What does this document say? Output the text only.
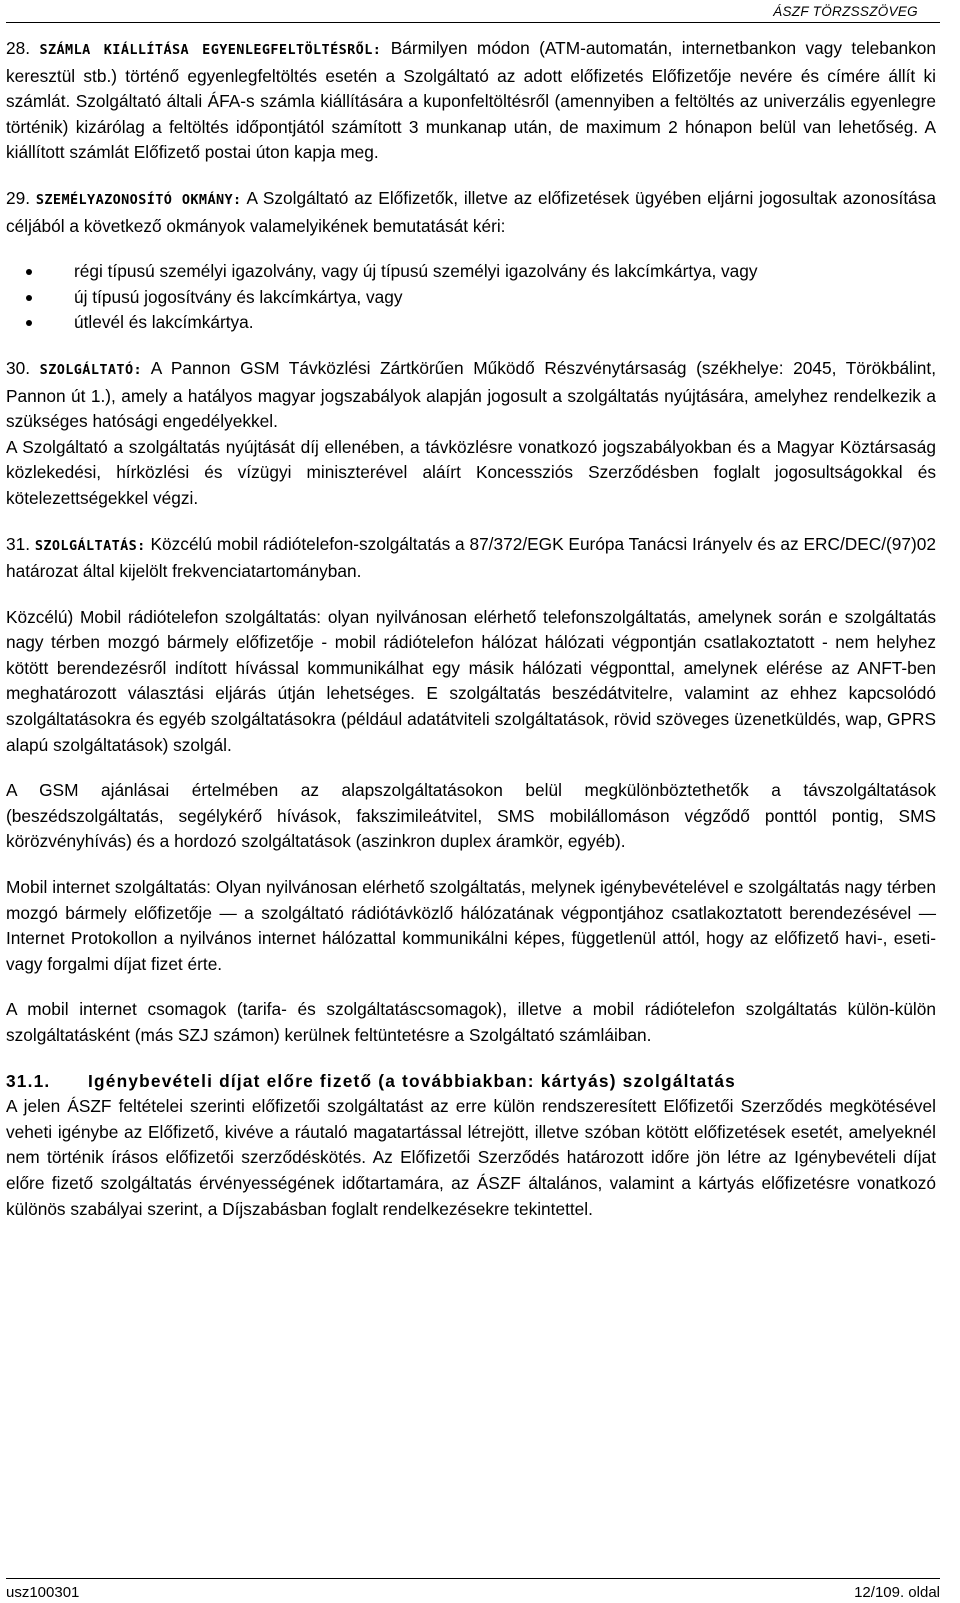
ÁSZF TÖRZSSZÖVEG

28. SZÁMLA KIÁLLÍTÁSA EGYENLEGFELTÖLTÉSRŐL: Bármilyen módon (ATM-automatán, internetbankon vagy telebankon keresztül stb.) történő egyenlegfeltöltés esetén a Szolgáltató az adott előfizetés Előfizetője nevére és címére állít ki számlát. Szolgáltató általi ÁFA-s számla kiállítására a kuponfeltöltésről (amennyiben a feltöltés az univerzális egyenlegre történik) kizárólag a feltöltés időpontjától számított 3 munkanap után, de maximum 2 hónapon belül van lehetőség. A kiállított számlát Előfizető postai úton kapja meg.

29. SZEMÉLYAZONOSÍTÓ OKMÁNY: A Szolgáltató az Előfizetők, illetve az előfizetések ügyében eljárni jogosultak azonosítása céljából a következő okmányok valamelyikének bemutatását kéri:

régi típusú személyi igazolvány, vagy új típusú személyi igazolvány és lakcímkártya, vagy
új típusú jogosítvány és lakcímkártya, vagy
útlevél és lakcímkártya.

30. SZOLGÁLTATÓ: A Pannon GSM Távközlési Zártkörűen Működő Részvénytársaság (székhelye: 2045, Törökbálint, Pannon út 1.), amely a hatályos magyar jogszabályok alapján jogosult a szolgáltatás nyújtására, amelyhez rendelkezik a szükséges hatósági engedélyekkel.

A Szolgáltató a szolgáltatás nyújtását díj ellenében, a távközlésre vonatkozó jogszabályokban és a Magyar Köztársaság közlekedési, hírközlési és vízügyi miniszterével aláírt Koncessziós Szerződésben foglalt jogosultságokkal és kötelezettségekkel végzi.

31. SZOLGÁLTATÁS: Közcélú mobil rádiótelefon-szolgáltatás a 87/372/EGK Európa Tanácsi Irányelv és az ERC/DEC/(97)02 határozat által kijelölt frekvenciatartományban.

Közcélú) Mobil rádiótelefon szolgáltatás: olyan nyilvánosan elérhető telefonszolgáltatás, amelynek során e szolgáltatás nagy térben mozgó bármely előfizetője - mobil rádiótelefon hálózat hálózati végpontján csatlakoztatott - nem helyhez kötött berendezésről indított hívással kommunikálhat egy másik hálózati végponttal, amelynek elérése az ANFT-ben meghatározott választási eljárás útján lehetséges. E szolgáltatás beszédátvitelre, valamint az ehhez kapcsolódó szolgáltatásokra és egyéb szolgáltatásokra (például adatátviteli szolgáltatások, rövid szöveges üzenetküldés, wap, GPRS alapú szolgáltatások) szolgál.

A GSM ajánlásai értelmében az alapszolgáltatásokon belül megkülönböztethetők a távszolgáltatások (beszédszolgáltatás, segélykérő hívások, fakszimileátvitel, SMS mobilállomáson végződő ponttól pontig, SMS körözvényhívás) és a hordozó szolgáltatások (aszinkron duplex áramkör, egyéb).

Mobil internet szolgáltatás: Olyan nyilvánosan elérhető szolgáltatás, melynek igénybevételével e szolgáltatás nagy térben mozgó bármely előfizetője — a szolgáltató rádiótávközlő hálózatának végpontjához csatlakoztatott berendezésével — Internet Protokollon a nyilvános internet hálózattal kommunikálni képes, függetlenül attól, hogy az előfizető havi-, eseti- vagy forgalmi díjat fizet érte.

A mobil internet csomagok (tarifa- és szolgáltatáscsomagok), illetve a mobil rádiótelefon szolgáltatás külön-külön szolgáltatásként (más SZJ számon) kerülnek feltüntetésre a Szolgáltató számláiban.

31.1. Igénybevételi díjat előre fizető (a továbbiakban: kártyás) szolgáltatás

A jelen ÁSZF feltételei szerinti előfizetői szolgáltatást az erre külön rendszeresített Előfizetői Szerződés megkötésével veheti igénybe az Előfizető, kivéve a ráutaló magatartással létrejött, illetve szóban kötött előfizetések esetét, amelyeknél nem történik írásos előfizetői szerződéskötés. Az Előfizetői Szerződés határozott időre jön létre az Igénybevételi díjat előre fizető szolgáltatás érvényességének időtartamára, az ÁSZF általános, valamint a kártyás előfizetésre vonatkozó különös szabályai szerint, a Díjszabásban foglalt rendelkezésekre tekintettel.

usz100301	12/109. oldal
